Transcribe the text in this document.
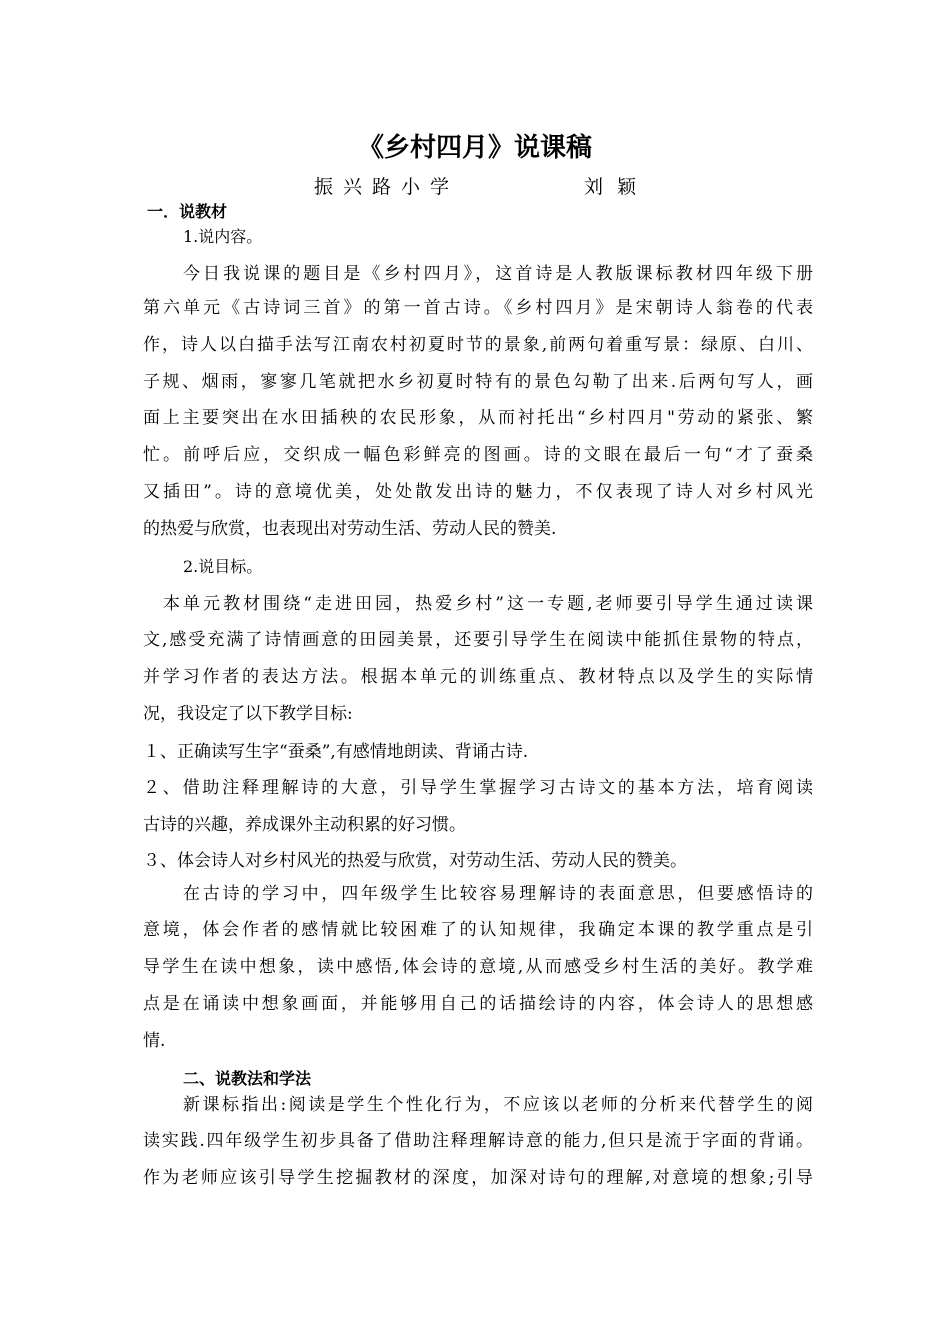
《乡村四月》说课稿
振兴路小学	刘颖
一．说教材
1.说内容。
今日我说课的题目是《乡村四月》，这首诗是人教版课标教材四年级下册
第六单元《古诗词三首》的第一首古诗。《乡村四月》是宋朝诗人翁卷的代表
作，诗人以白描手法写江南农村初夏时节的景象,前两句着重写景：绿原、白川、
子规、烟雨，寥寥几笔就把水乡初夏时特有的景色勾勒了出来.后两句写人，画
面上主要突出在水田插秧的农民形象，从而衬托出“乡村四月"劳动的紧张、繁
忙。前呼后应，交织成一幅色彩鲜亮的图画。诗的文眼在最后一句“才了蚕桑
又插田”。诗的意境优美，处处散发出诗的魅力，不仅表现了诗人对乡村风光
的热爱与欣赏，也表现出对劳动生活、劳动人民的赞美.
2.说目标。
本单元教材围绕“走进田园，热爱乡村”这一专题,老师要引导学生通过读课
文,感受充满了诗情画意的田园美景，还要引导学生在阅读中能抓住景物的特点，
并学习作者的表达方法。根据本单元的训练重点、教材特点以及学生的实际情
况，我设定了以下教学目标:
１、正确读写生字“蚕桑”,有感情地朗读、背诵古诗.
２、借助注释理解诗的大意，引导学生掌握学习古诗文的基本方法，培育阅读
古诗的兴趣，养成课外主动积累的好习惯。
３、体会诗人对乡村风光的热爱与欣赏，对劳动生活、劳动人民的赞美。
在古诗的学习中，四年级学生比较容易理解诗的表面意思，但要感悟诗的
意境，体会作者的感情就比较困难了的认知规律，我确定本课的教学重点是引
导学生在读中想象，读中感悟,体会诗的意境,从而感受乡村生活的美好。教学难
点是在诵读中想象画面，并能够用自己的话描绘诗的内容，体会诗人的思想感
情.
二、说教法和学法
新课标指出:阅读是学生个性化行为，不应该以老师的分析来代替学生的阅
读实践.四年级学生初步具备了借助注释理解诗意的能力,但只是流于字面的背诵。
作为老师应该引导学生挖掘教材的深度，加深对诗句的理解,对意境的想象;引导
